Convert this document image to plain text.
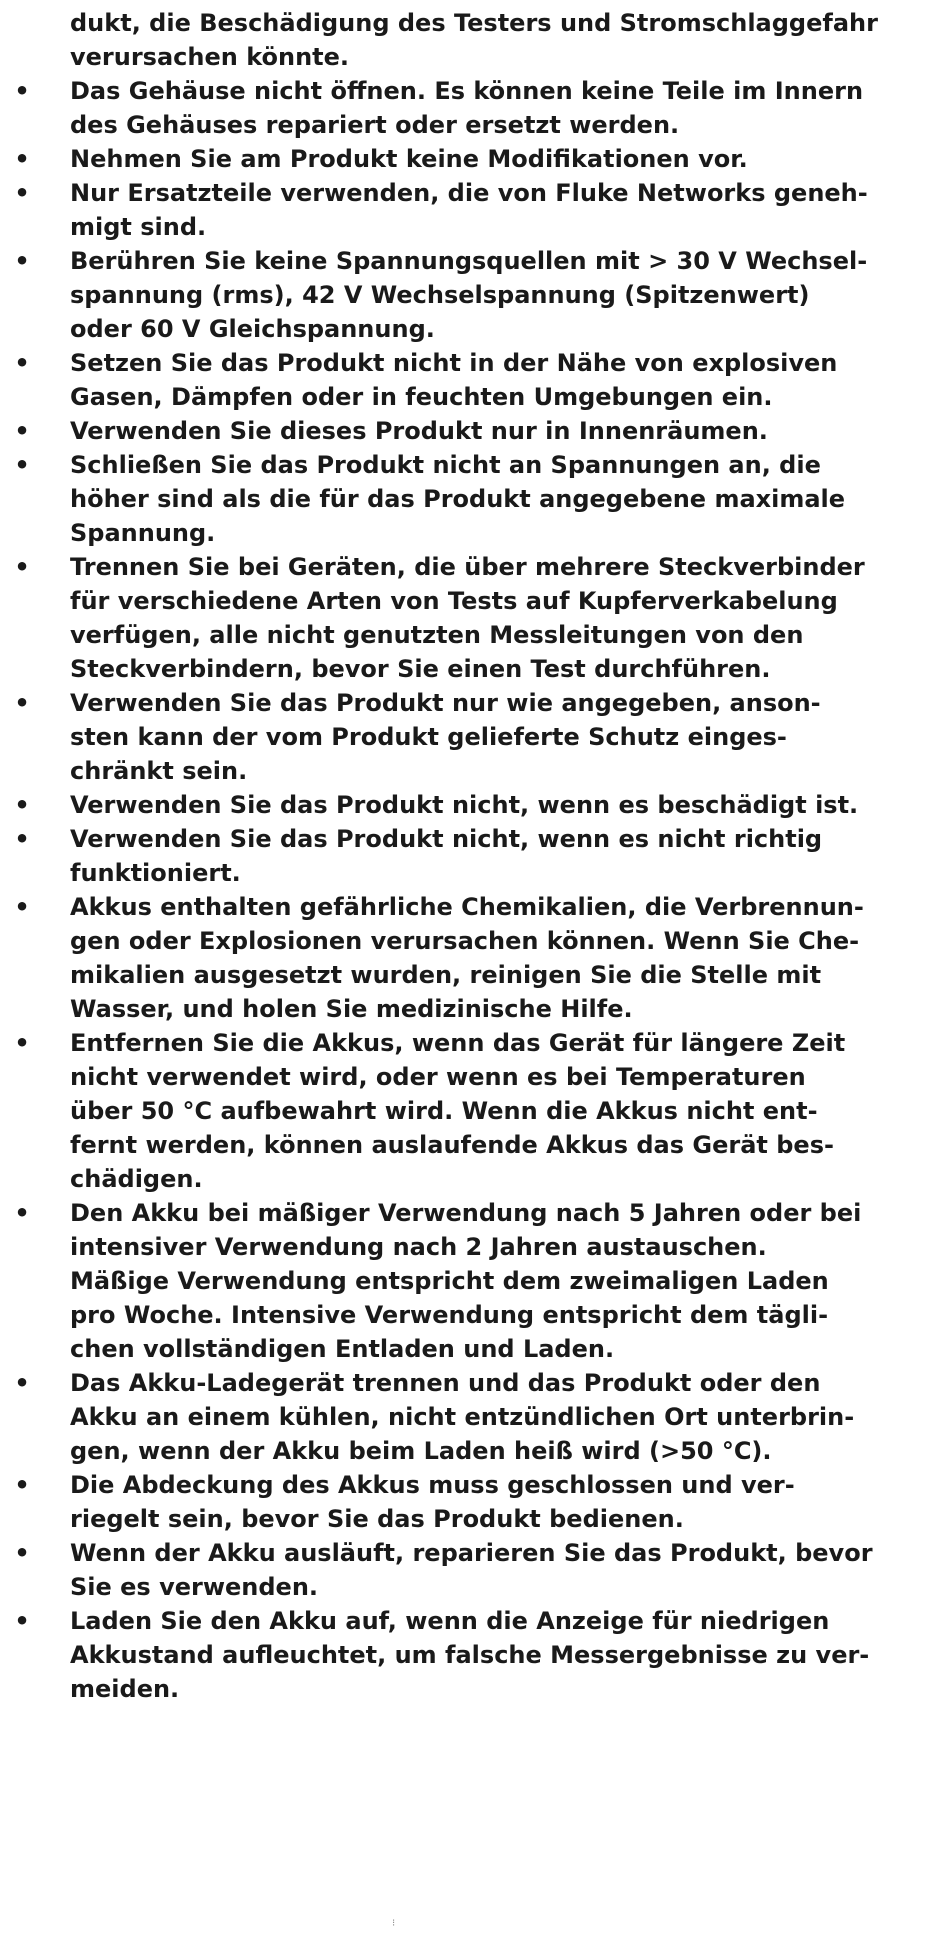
dukt, die Beschädigung des Testers und Stromschlaggefahr
verursachen könnte.

• Das Gehäuse nicht öffnen. Es können keine Teile im Innern
des Gehäuses repariert oder ersetzt werden.

• Nehmen Sie am Produkt keine Modifikationen vor.

• Nur Ersatzteile verwenden, die von Fluke Networks geneh-
migt sind.

• Berühren Sie keine Spannungsquellen mit > 30 V Wechsel-
spannung (rms), 42 V Wechselspannung (Spitzenwert)
oder 60 V Gleichspannung.

• Setzen Sie das Produkt nicht in der Nähe von explosiven
Gasen, Dämpfen oder in feuchten Umgebungen ein.

• Verwenden Sie dieses Produkt nur in Innenräumen.

• Schließen Sie das Produkt nicht an Spannungen an, die
höher sind als die für das Produkt angegebene maximale
Spannung.

• Trennen Sie bei Geräten, die über mehrere Steckverbinder
für verschiedene Arten von Tests auf Kupferverkabelung
verfügen, alle nicht genutzten Messleitungen von den
Steckverbindern, bevor Sie einen Test durchführen.

• Verwenden Sie das Produkt nur wie angegeben, anson-
sten kann der vom Produkt gelieferte Schutz einges-
chränkt sein.

• Verwenden Sie das Produkt nicht, wenn es beschädigt ist.

• Verwenden Sie das Produkt nicht, wenn es nicht richtig
funktioniert.

• Akkus enthalten gefährliche Chemikalien, die Verbrennun-
gen oder Explosionen verursachen können. Wenn Sie Che-
mikalien ausgesetzt wurden, reinigen Sie die Stelle mit
Wasser, und holen Sie medizinische Hilfe.

• Entfernen Sie die Akkus, wenn das Gerät für längere Zeit
nicht verwendet wird, oder wenn es bei Temperaturen
über 50 °C aufbewahrt wird. Wenn die Akkus nicht ent-
fernt werden, können auslaufende Akkus das Gerät bes-
chädigen.

• Den Akku bei mäßiger Verwendung nach 5 Jahren oder bei
intensiver Verwendung nach 2 Jahren austauschen.
Mäßige Verwendung entspricht dem zweimaligen Laden
pro Woche. Intensive Verwendung entspricht dem tägli-
chen vollständigen Entladen und Laden.

• Das Akku-Ladegerät trennen und das Produkt oder den
Akku an einem kühlen, nicht entzündlichen Ort unterbrin-
gen, wenn der Akku beim Laden heiß wird (>50 °C).

• Die Abdeckung des Akkus muss geschlossen und ver-
riegelt sein, bevor Sie das Produkt bedienen.

• Wenn der Akku ausläuft, reparieren Sie das Produkt, bevor
Sie es verwenden.

• Laden Sie den Akku auf, wenn die Anzeige für niedrigen
Akkustand aufleuchtet, um falsche Messergebnisse zu ver-
meiden.

⁝
